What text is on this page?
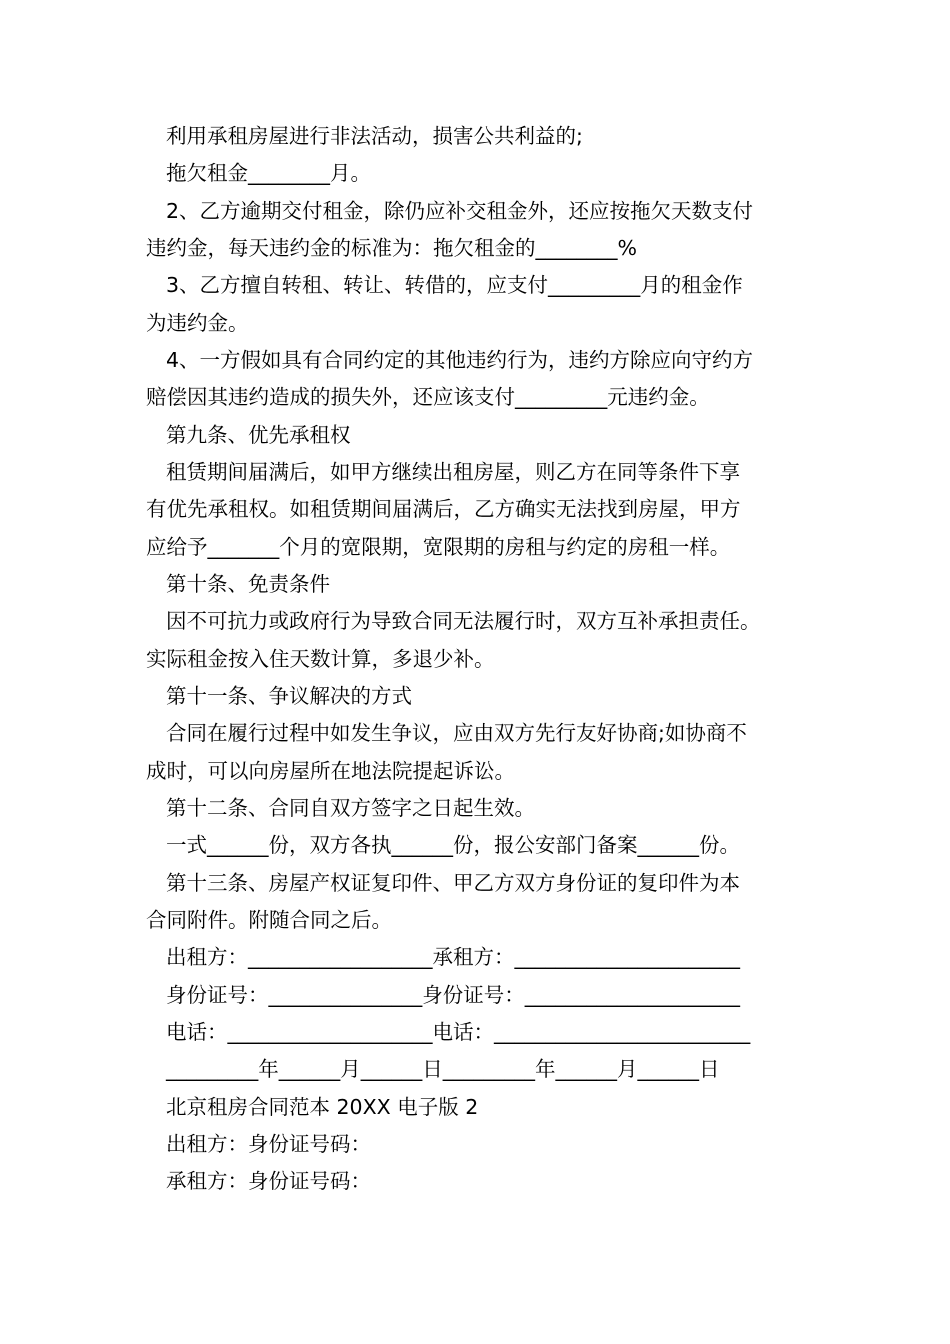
利用承租房屋进行非法活动，损害公共利益的;

拖欠租金________月。

2、乙方逾期交付租金，除仍应补交租金外，还应按拖欠天数支付

违约金，每天违约金的标准为：拖欠租金的________%

3、乙方擅自转租、转让、转借的，应支付_________月的租金作

为违约金。

4、一方假如具有合同约定的其他违约行为，违约方除应向守约方

赔偿因其违约造成的损失外，还应该支付_________元违约金。

第九条、优先承租权

租赁期间届满后，如甲方继续出租房屋，则乙方在同等条件下享

有优先承租权。如租赁期间届满后，乙方确实无法找到房屋，甲方

应给予_______个月的宽限期，宽限期的房租与约定的房租一样。

第十条、免责条件

因不可抗力或政府行为导致合同无法履行时，双方互补承担责任。

实际租金按入住天数计算，多退少补。

第十一条、争议解决的方式

合同在履行过程中如发生争议，应由双方先行友好协商;如协商不

成时，可以向房屋所在地法院提起诉讼。

第十二条、合同自双方签字之日起生效。

一式______份，双方各执______份，报公安部门备案______份。

第十三条、房屋产权证复印件、甲乙方双方身份证的复印件为本

合同附件。附随合同之后。

出租方：__________________承租方：______________________

身份证号：_______________身份证号：_____________________

电话：____________________电话：_________________________

_________年______月______日_________年______月______日

北京租房合同范本 20XX 电子版 2

出租方：身份证号码：

承租方：身份证号码：
